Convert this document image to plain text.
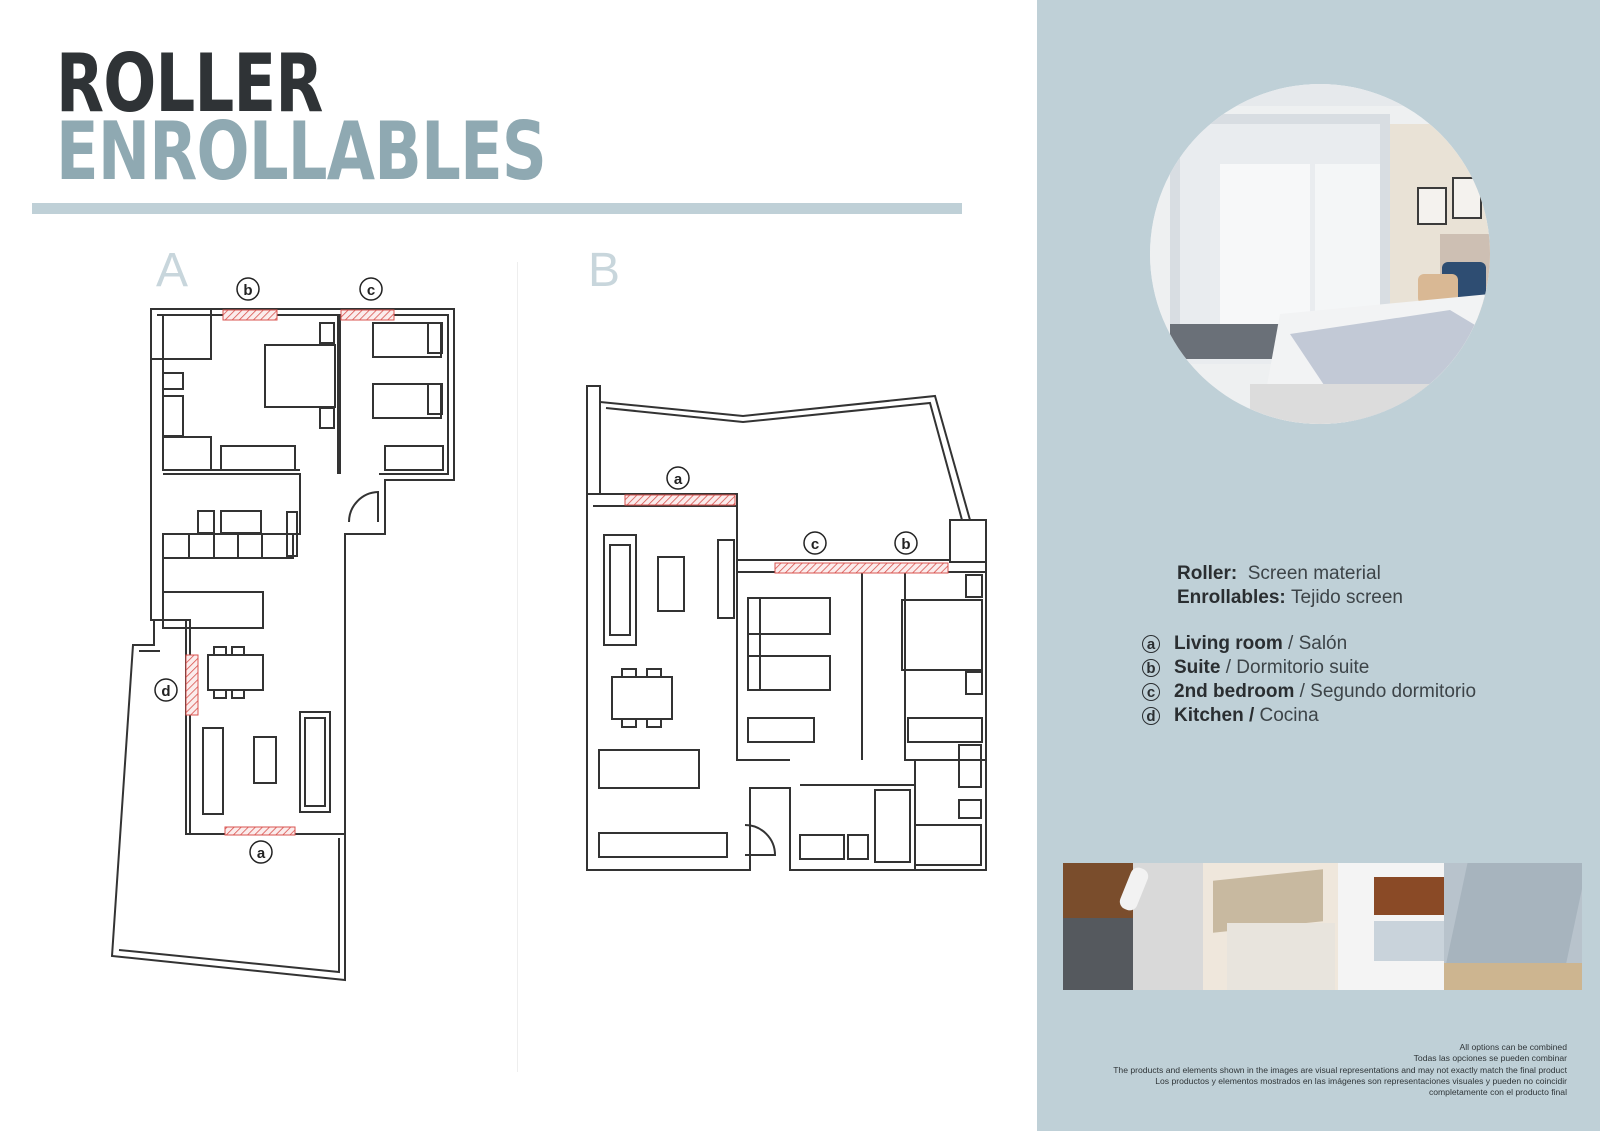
ROLLER
ENROLLABLES
A	B
b	c
d
a
a
c	b
Roller: Screen material
Enrollables: Tejido screen
a Living room
/ Salón
b Suite
/ Dormitorio suite
c 2nd bedroom
/ Segundo dormitorio
d Kitchen /
Cocina
All options can be combined
Todas las opciones se pueden combinar
The products and elements shown in the images are visual representations and may not exactly match the final product
Los productos y elementos mostrados en las imágenes son representaciones visuales y pueden no coincidir
completamente con el producto final
